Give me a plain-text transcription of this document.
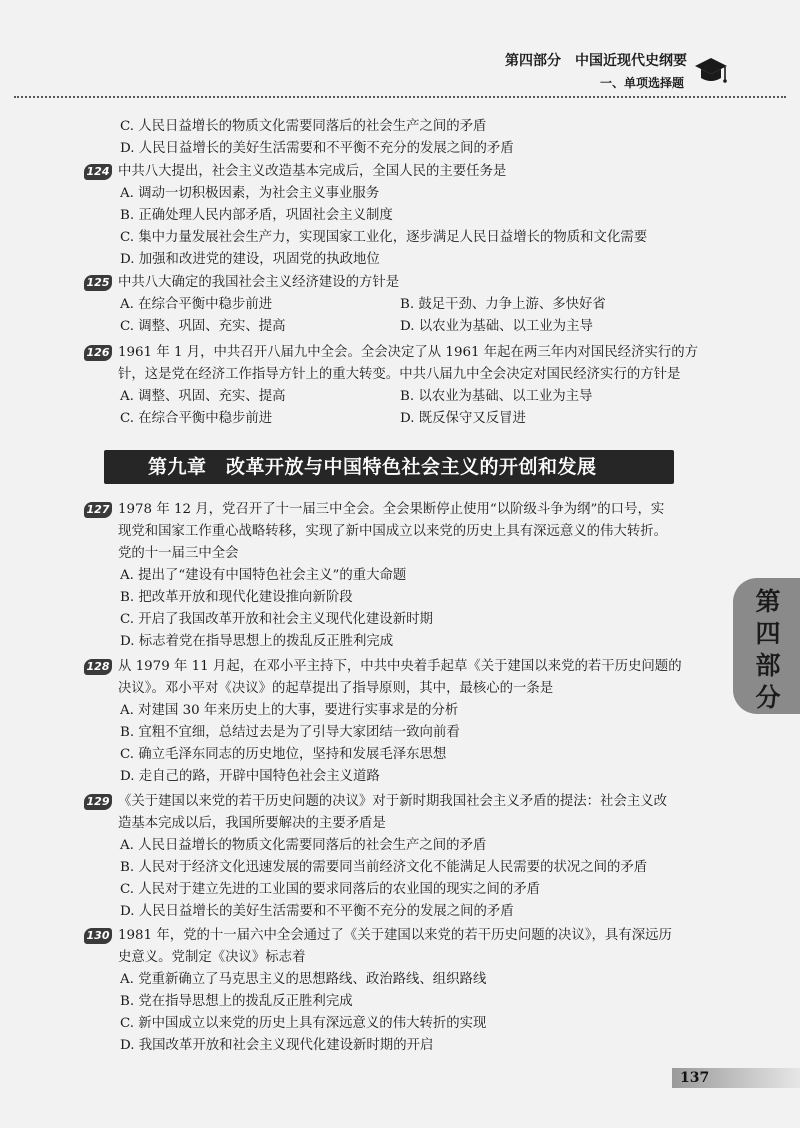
第四部分　中国近现代史纲要
一、单项选择题
C. 人民日益增长的物质文化需要同落后的社会生产之间的矛盾
D. 人民日益增长的美好生活需要和不平衡不充分的发展之间的矛盾
124 中共八大提出，社会主义改造基本完成后，全国人民的主要任务是
A. 调动一切积极因素，为社会主义事业服务
B. 正确处理人民内部矛盾，巩固社会主义制度
C. 集中力量发展社会生产力，实现国家工业化，逐步满足人民日益增长的物质和文化需要
D. 加强和改进党的建设，巩固党的执政地位
125 中共八大确定的我国社会主义经济建设的方针是
A. 在综合平衡中稳步前进	B. 鼓足干劲、力争上游、多快好省
C. 调整、巩固、充实、提高	D. 以农业为基础、以工业为主导
126 1961 年 1 月，中共召开八届九中全会。全会决定了从 1961 年起在两三年内对国民经济实行的方
针，这是党在经济工作指导方针上的重大转变。中共八届九中全会决定对国民经济实行的方针是
A. 调整、巩固、充实、提高	B. 以农业为基础、以工业为主导
C. 在综合平衡中稳步前进	D. 既反保守又反冒进
第九章　改革开放与中国特色社会主义的开创和发展
127 1978 年 12 月，党召开了十一届三中全会。全会果断停止使用“以阶级斗争为纲”的口号，实
现党和国家工作重心战略转移，实现了新中国成立以来党的历史上具有深远意义的伟大转折。
党的十一届三中全会
A. 提出了“建设有中国特色社会主义”的重大命题
B. 把改革开放和现代化建设推向新阶段
C. 开启了我国改革开放和社会主义现代化建设新时期
D. 标志着党在指导思想上的拨乱反正胜利完成
128 从 1979 年 11 月起，在邓小平主持下，中共中央着手起草《关于建国以来党的若干历史问题的
决议》。邓小平对《决议》的起草提出了指导原则，其中，最核心的一条是
A. 对建国 30 年来历史上的大事，要进行实事求是的分析
B. 宜粗不宜细，总结过去是为了引导大家团结一致向前看
C. 确立毛泽东同志的历史地位，坚持和发展毛泽东思想
D. 走自己的路，开辟中国特色社会主义道路
129 《关于建国以来党的若干历史问题的决议》对于新时期我国社会主义矛盾的提法：社会主义改
造基本完成以后，我国所要解决的主要矛盾是
A. 人民日益增长的物质文化需要同落后的社会生产之间的矛盾
B. 人民对于经济文化迅速发展的需要同当前经济文化不能满足人民需要的状况之间的矛盾
C. 人民对于建立先进的工业国的要求同落后的农业国的现实之间的矛盾
D. 人民日益增长的美好生活需要和不平衡不充分的发展之间的矛盾
130 1981 年，党的十一届六中全会通过了《关于建国以来党的若干历史问题的决议》，具有深远历
史意义。党制定《决议》标志着
A. 党重新确立了马克思主义的思想路线、政治路线、组织路线
B. 党在指导思想上的拨乱反正胜利完成
C. 新中国成立以来党的历史上具有深远意义的伟大转折的实现
D. 我国改革开放和社会主义现代化建设新时期的开启
第四部分
137
